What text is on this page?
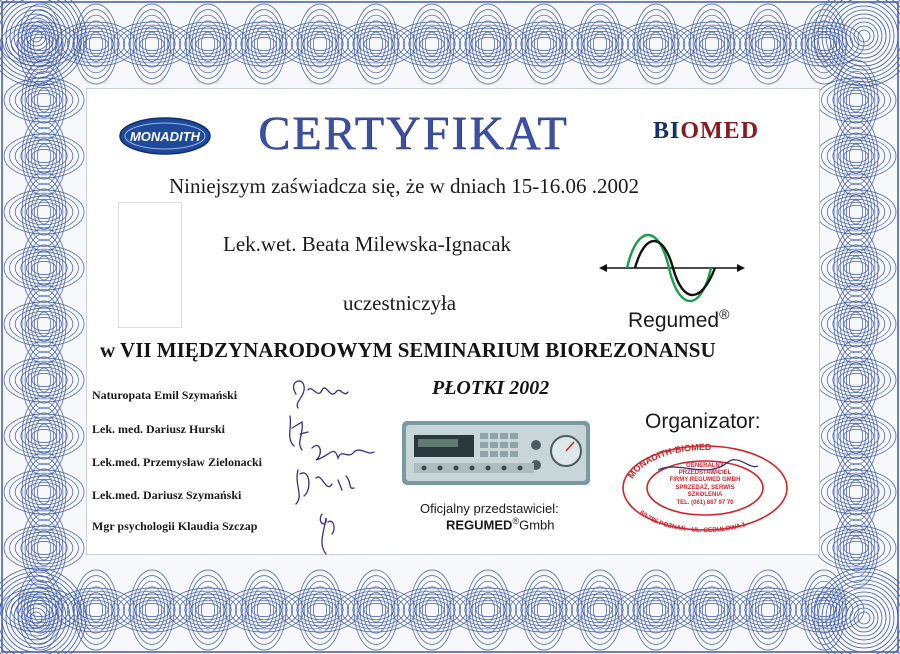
MONADITH CERTYFIKAT	BIOMED
Niniejszym zaświadcza się, że w dniach 15-16.06 .2002
Lek.wet. Beata Milewska-Ignacak
Regumed®
uczestniczyła
w VII MIĘDZYNARODOWYM SEMINARIUM BIOREZONANSU
PŁOTKI 2002
Naturopata Emil Szymański
Lek. med. Dariusz Hurski
Lek.med. Przemysław Zielonacki
Lek.med. Dariusz Szymański
Mgr psychologii Klaudia Szczap
Oficjalny przedstawiciel:
REGUMED®Gmbh
Organizator:
MONADITH-BIOMED
60-785 POZNAŃ - UL. CEBULOWA 1
GENERALNY
PRZEDSTAWICIEL
FIRMY REGUMED GMBH
SPRZEDAŻ, SERWIS
SZKOLENIA
TEL. (061) 867 97 70
